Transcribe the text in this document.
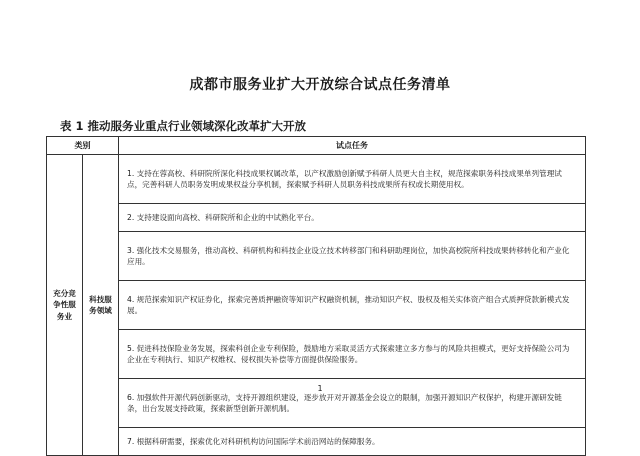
成都市服务业扩大开放综合试点任务清单
表 1 推动服务业重点行业领域深化改革扩大开放
类别		试点任务
充分竞争性服务业	科技服务领域	1. 支持在蓉高校、科研院所深化科技成果权属改革，以产权激励创新赋予科研人员更大自主权，规范探索职务科技成果单列管理试点，完善科研人员职务发明成果权益分享机制，探索赋予科研人员职务科技成果所有权或长期使用权。
		2. 支持建设面向高校、科研院所和企业的中试熟化平台。
		3. 强化技术交易服务，推动高校、科研机构和科技企业设立技术转移部门和科研助理岗位，加快高校院所科技成果转移转化和产业化应用。
		4. 规范探索知识产权证券化，探索完善质押融资等知识产权融资机制，推动知识产权、股权及相关实体资产组合式质押贷款新模式发展。
		5. 促进科技保险业务发展，探索科创企业专利保险，鼓励地方采取灵活方式探索建立多方参与的风险共担模式，更好支持保险公司为企业在专利执行、知识产权维权、侵权损失补偿等方面提供保险服务。
		6. 加强软件开源代码创新驱动，支持开源组织建设，逐步放开对开源基金会设立的限制，加强开源知识产权保护，构建开源研发链条，出台发展支持政策，探索新型创新开源机制。
		7. 根据科研需要，探索优化对科研机构访问国际学术前沿网站的保障服务。
1
